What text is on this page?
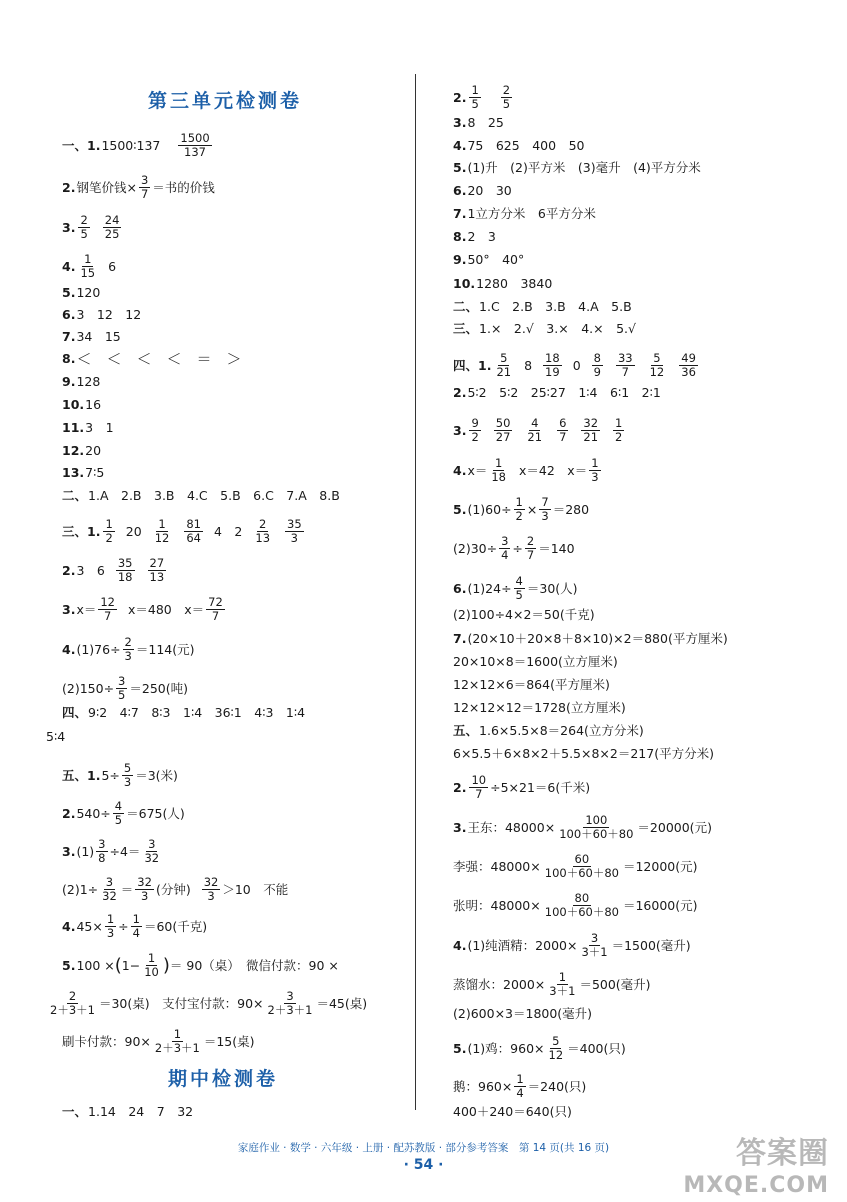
第三单元检测卷
一、1. 1500∶137 $\frac{1500}{137}$
2. 钢笔价钱× $\frac{3}{7}$ ＝书的价钱
3. $\frac{2}{5} \frac{24}{25}$
4. $\frac{1}{15} 6$
5. 120
6. 3　12　12
7. 34　15
8. ＜　＜　＜　＜　＝　＞
9. 128
10. 16
11. 3　1
12. 20
13. 7∶5
二、 1.A　2.B　3.B　4.C　5.B　6.C　7.A　8.B
三、1. $\frac{1}{2} 20 \frac{1}{12} \frac{81}{64} 4$　$2 \frac{2}{13} \frac{35}{3}$
2. 3　$6 \frac{35}{18} \frac{27}{13}$
3. $x= \frac{12}{7} x=480$　$x= \frac{72}{7}$
4. $(1)76\div \frac{2}{3} =114$(元)
$(2)150\div \frac{3}{5} =250$(吨)
四、 9∶2　4∶7　8∶3　1∶4　36∶1　4∶3　1∶4
5∶4
五、1. $5\div \frac{5}{3} =3$(米)
2. $540\div \frac{4}{5} =675$(人)
3. $(1) \frac{3}{8} \div 4= \frac{3}{32}$
$(2)1\div \frac{3}{32} = \frac{32}{3}$ (分钟) $\frac{32}{3} >10$　不能
4. $45\times \frac{1}{3} \div \frac{1}{4} =60$(千克)
5. 100 × ( $1- \frac{1}{10}$ ) ＝ 90（桌）　微信付款：90 ×
$\frac{2}{2+3+1} =30$(桌)　支付宝付款：$90\times \frac{3}{2+3+1} =45$(桌)
刷卡付款：$90\times \frac{1}{2+3+1} =15$(桌)
期中检测卷
一、 1.14　24　7　32
2. $\frac{1}{5} \frac{2}{5}$
3. 8　25
4. 75　625　400　50
5. (1)升　(2)平方米　(3)毫升　(4)平方分米
6. 20　30
7. 1立方分米　6平方分米
8. 2　3
9. 50°　40°
10. 1280　3840
二、 1.C　2.B　3.B　4.A　5.B
三、 1.×　2.√　3.×　4.×　5.√
四、1. $\frac{5}{21} 8 \frac{18}{19} 0 \frac{8}{9} \frac{33}{7} \frac{5}{12} \frac{49}{36}$
2. 5∶2　5∶2　25∶27　1∶4　6∶1　2∶1
3. $\frac{9}{2} \frac{50}{27} \frac{4}{21} \frac{6}{7} \frac{32}{21} \frac{1}{2}$
4. $x= \frac{1}{18} x=42$　$x= \frac{1}{3}$
5. $(1)60\div \frac{1}{2} \times \frac{7}{3} =280$
$(2)30\div \frac{3}{4} \div \frac{2}{7} =140$
6. $(1)24\div \frac{4}{5} =30$(人)
(2)100÷4×2＝50(千克)
7. (20×10＋20×8＋8×10)×2＝880(平方厘米)
20×10×8＝1600(立方厘米)
12×12×6＝864(平方厘米)
12×12×12＝1728(立方厘米)
五、 1.6×5.5×8＝264(立方分米)
6×5.5＋6×8×2＋5.5×8×2＝217(平方分米)
2. $\frac{10}{7} \div 5\times 21=6$(千米)
3. 王东：$48000\times \frac{100}{100+60+80} =20000$(元)
李强：$48000\times \frac{60}{100+60+80} =12000$(元)
张明：$48000\times \frac{80}{100+60+80} =16000$(元)
4. (1)纯酒精：$2000\times \frac{3}{3+1} =1500$(毫升)
蒸馏水：$2000\times \frac{1}{3+1} =500$(毫升)
(2)600×3＝1800(毫升)
5. (1)鸡：$960\times \frac{5}{12} =400$(只)
鹅：$960\times \frac{1}{4} =240$(只)
400＋240＝640(只)
家庭作业 · 数学 · 六年级 · 上册 · 配苏教版 · 部分参考答案　第 14 页(共 16 页)
· 54 ·	答案圈
MXQE.COM
